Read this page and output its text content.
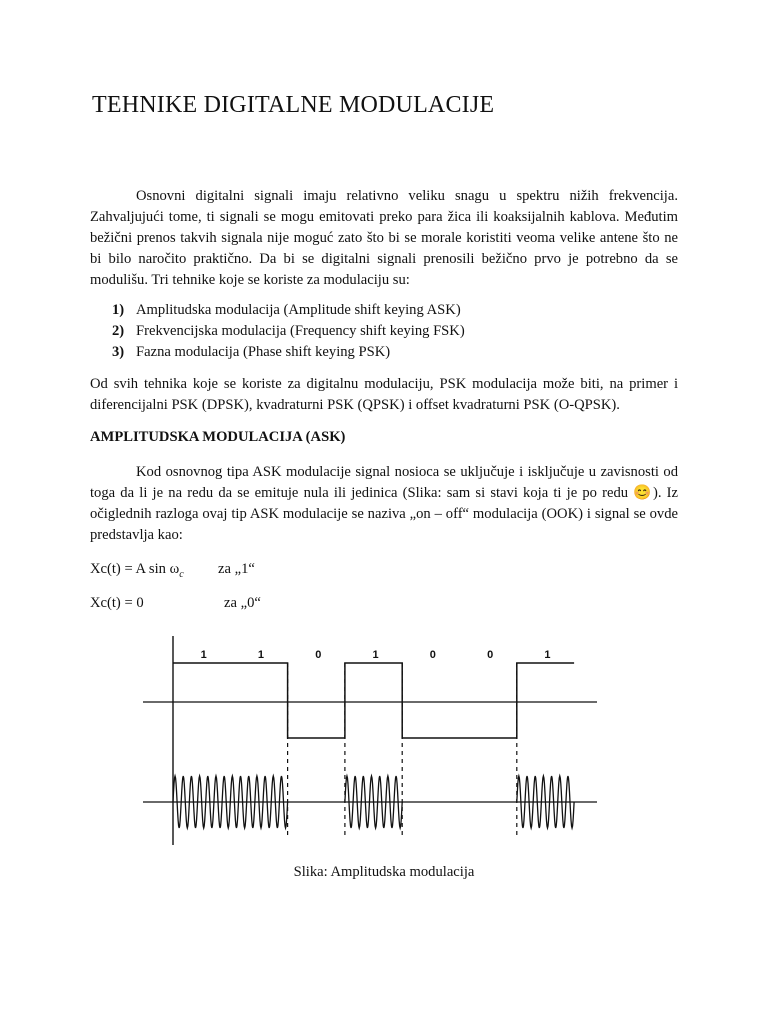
TEHNIKE DIGITALNE MODULACIJE

Osnovni digitalni signali imaju relativno veliku snagu u spektru nižih frekvencija. Zahvaljujući tome, ti signali se mogu emitovati preko para žica ili koaksijalnih kablova. Međutim bežični prenos takvih signala nije moguć zato što bi se morale koristiti veoma velike antene što ne bi bilo naročito praktično. Da bi se digitalni signali prenosili bežično prvo je potrebno da se modulišu. Tri tehnike koje se koriste za modulaciju su:

1) Amplitudska modulacija (Amplitude shift keying ASK)
2) Frekvencijska modulacija (Frequency shift keying FSK)
3) Fazna modulacija (Phase shift keying PSK)

Od svih tehnika koje se koriste za digitalnu modulaciju, PSK modulacija može biti, na primer i diferencijalni PSK (DPSK), kvadraturni PSK (QPSK) i offset kvadraturni PSK (O-QPSK).

AMPLITUDSKA MODULACIJA (ASK)

Kod osnovnog tipa ASK modulacije signal nosioca se uključuje i isključuje u zavisnosti od toga da li je na redu da se emituje nula ili jedinica (Slika: sam si stavi koja ti je po redu 😊). Iz očiglednih razloga ovaj tip ASK modulacije se naziva „on – off“ modulacija (OOK) i signal se ovde predstavlja kao:

Xc(t) = A $\sin \omega_c$ za „1“
Xc(t) = 0	za „0“
1	1	0	1	0	0	1
Slika: Amplitudska modulacija
